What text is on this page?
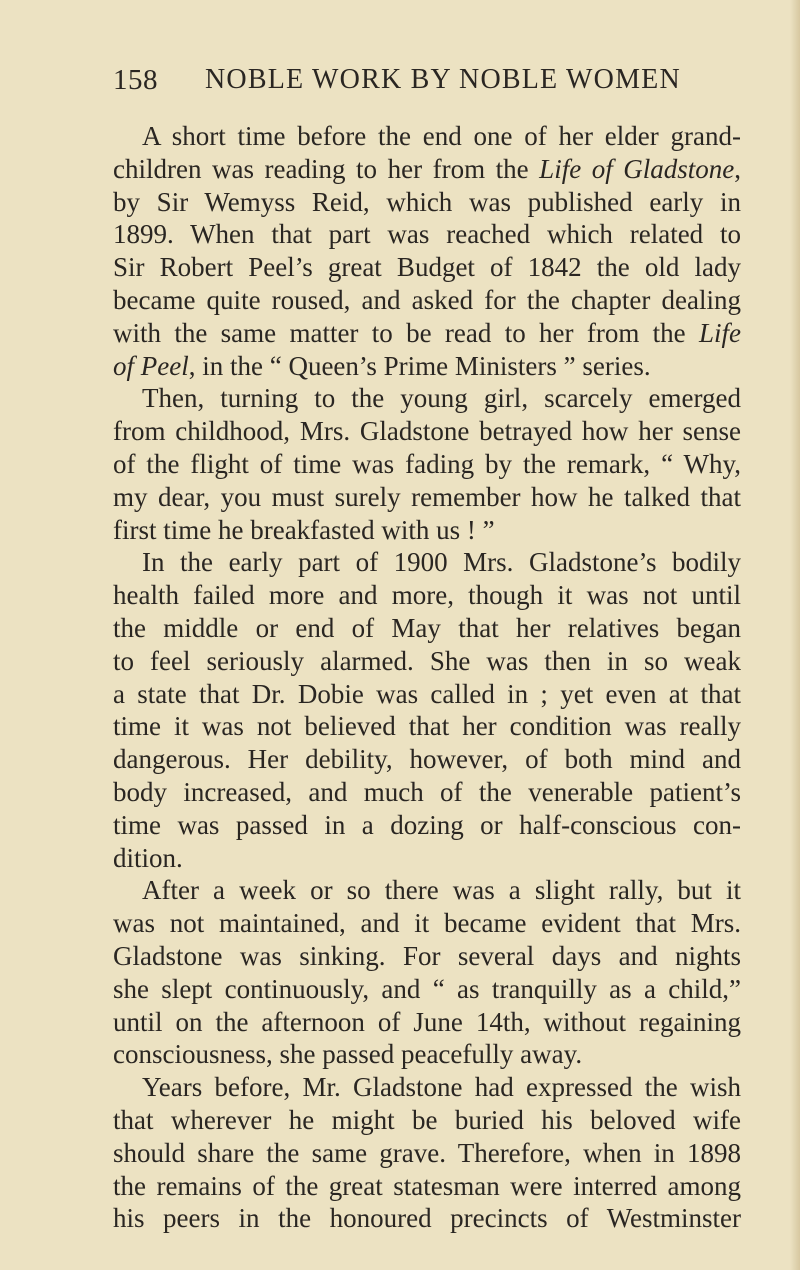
158 NOBLE WORK BY NOBLE WOMEN
A short time before the end one of her elder grand-
children was reading to her from the Life of Gladstone,
by Sir Wemyss Reid, which was published early in
1899. When that part was reached which related to
Sir Robert Peel’s great Budget of 1842 the old lady
became quite roused, and asked for the chapter dealing
with the same matter to be read to her from the Life
of Peel, in the “ Queen’s Prime Ministers ” series.
Then, turning to the young girl, scarcely emerged
from childhood, Mrs. Gladstone betrayed how her sense
of the flight of time was fading by the remark, “ Why,
my dear, you must surely remember how he talked that
first time he breakfasted with us ! ”
In the early part of 1900 Mrs. Gladstone’s bodily
health failed more and more, though it was not until
the middle or end of May that her relatives began
to feel seriously alarmed. She was then in so weak
a state that Dr. Dobie was called in ; yet even at that
time it was not believed that her condition was really
dangerous. Her debility, however, of both mind and
body increased, and much of the venerable patient’s
time was passed in a dozing or half-conscious con-
dition.
After a week or so there was a slight rally, but it
was not maintained, and it became evident that Mrs.
Gladstone was sinking. For several days and nights
she slept continuously, and “ as tranquilly as a child,”
until on the afternoon of June 14th, without regaining
consciousness, she passed peacefully away.
Years before, Mr. Gladstone had expressed the wish
that wherever he might be buried his beloved wife
should share the same grave. Therefore, when in 1898
the remains of the great statesman were interred among
his peers in the honoured precincts of Westminster
